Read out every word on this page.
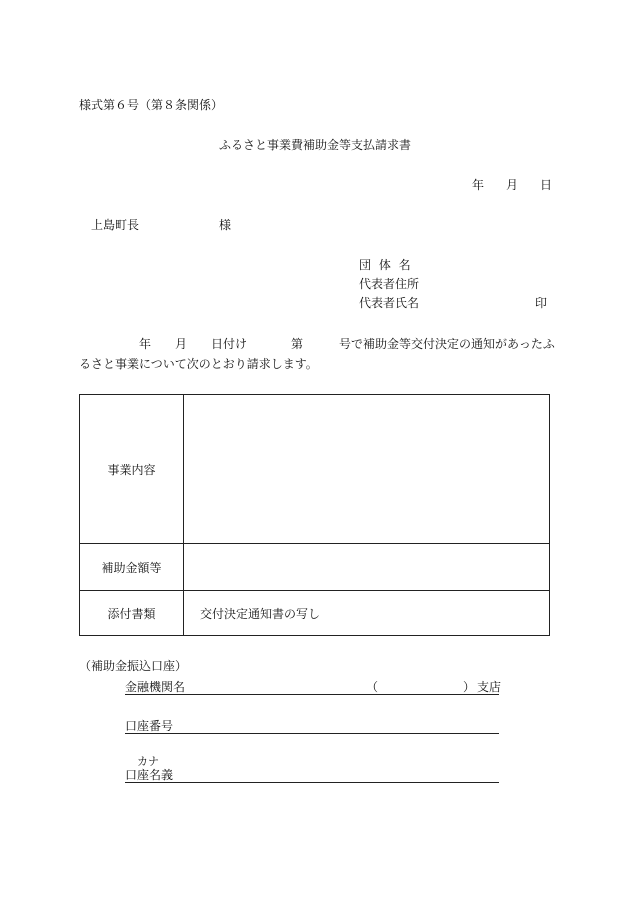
様式第６号（第８条関係）
ふるさと事業費補助金等支払請求書
年 月 日
上島町長	様
団 体 名
代表者住所
代表者氏名	印
年 月 日付け	第	号で補助金等交付決定の通知があったふ
るさと事業について次のとおり請求します。
事業内容
補助金額等
添付書類	交付決定通知書の写し
（補助金振込口座）
金融機関名	（	） 支店
口座番号
カナ
口座名義
